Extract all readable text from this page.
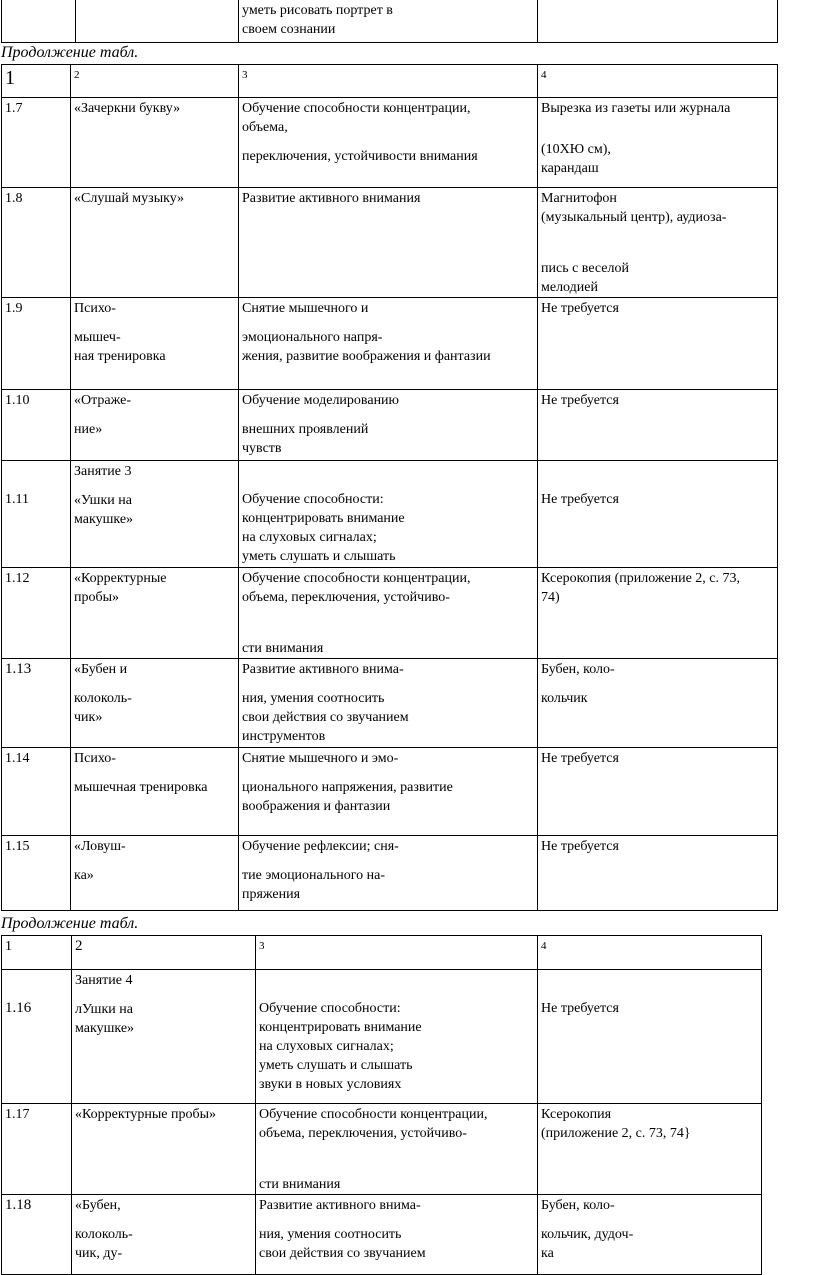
уметь рисовать портрет в
своем сознании

Продолжение табл.
1	2	3	4

1.7	«Зачеркни букву»	Обучение способности концентрации,
объема,
переключения, устойчивости внимания	Вырезка из газеты или журнала
(10ХЮ см),
карандаш

1.8	«Слушай музыку»	Развитие активного внимания	Магнитофон
(музыкальный центр), аудиоза-
пись с веселой
мелодией

1.9	Психо-
мышеч-
ная тренировка	Снятие мышечного и
эмоционального напря-
жения, развитие воображения и фантазии	Не требуется

1.10	«Отраже-
ние»	Обучение моделированию
внешних проявлений
чувств	Не требуется

1.11	Занятие 3
«Ушки на
макушке»	Обучение способности:
концентрировать внимание
на слуховых сигналах;
уметь слушать и слышать	Не требуется

1.12	«Корректурные
пробы»	Обучение способности концентрации,
объема, переключения, устойчиво-
сти внимания	Ксерокопия (приложение 2, с. 73,
74)

1.13	«Бубен и
колоколь-
чик»	Развитие активного внима-
ния, умения соотносить
свои действия со звучанием
инструментов	Бубен, коло-
кольчик

1.14	Психо-
мышечная тренировка	Снятие мышечного и эмо-
ционального напряжения, развитие
воображения и фантазии	Не требуется

1.15	«Ловуш-
ка»	Обучение рефлексии; сня-
тие эмоционального на-
пряжения	Не требуется
Продолжение табл.
1	2	3	4

1.16	Занятие 4
лУшки на
макушке»	Обучение способности:
концентрировать внимание
на слуховых сигналах;
уметь слушать и слышать
звуки в новых условиях	Не требуется

1.17	«Корректурные пробы»	Обучение способности концентрации,
объема, переключения, устойчиво-
сти внимания	Ксерокопия
(приложение 2, с. 73, 74}

1.18	«Бубен,
колоколь-
чик, ду-	Развитие активного внима-
ния, умения соотносить
свои действия со звучанием	Бубен, коло-
кольчик, дудоч-
ка
